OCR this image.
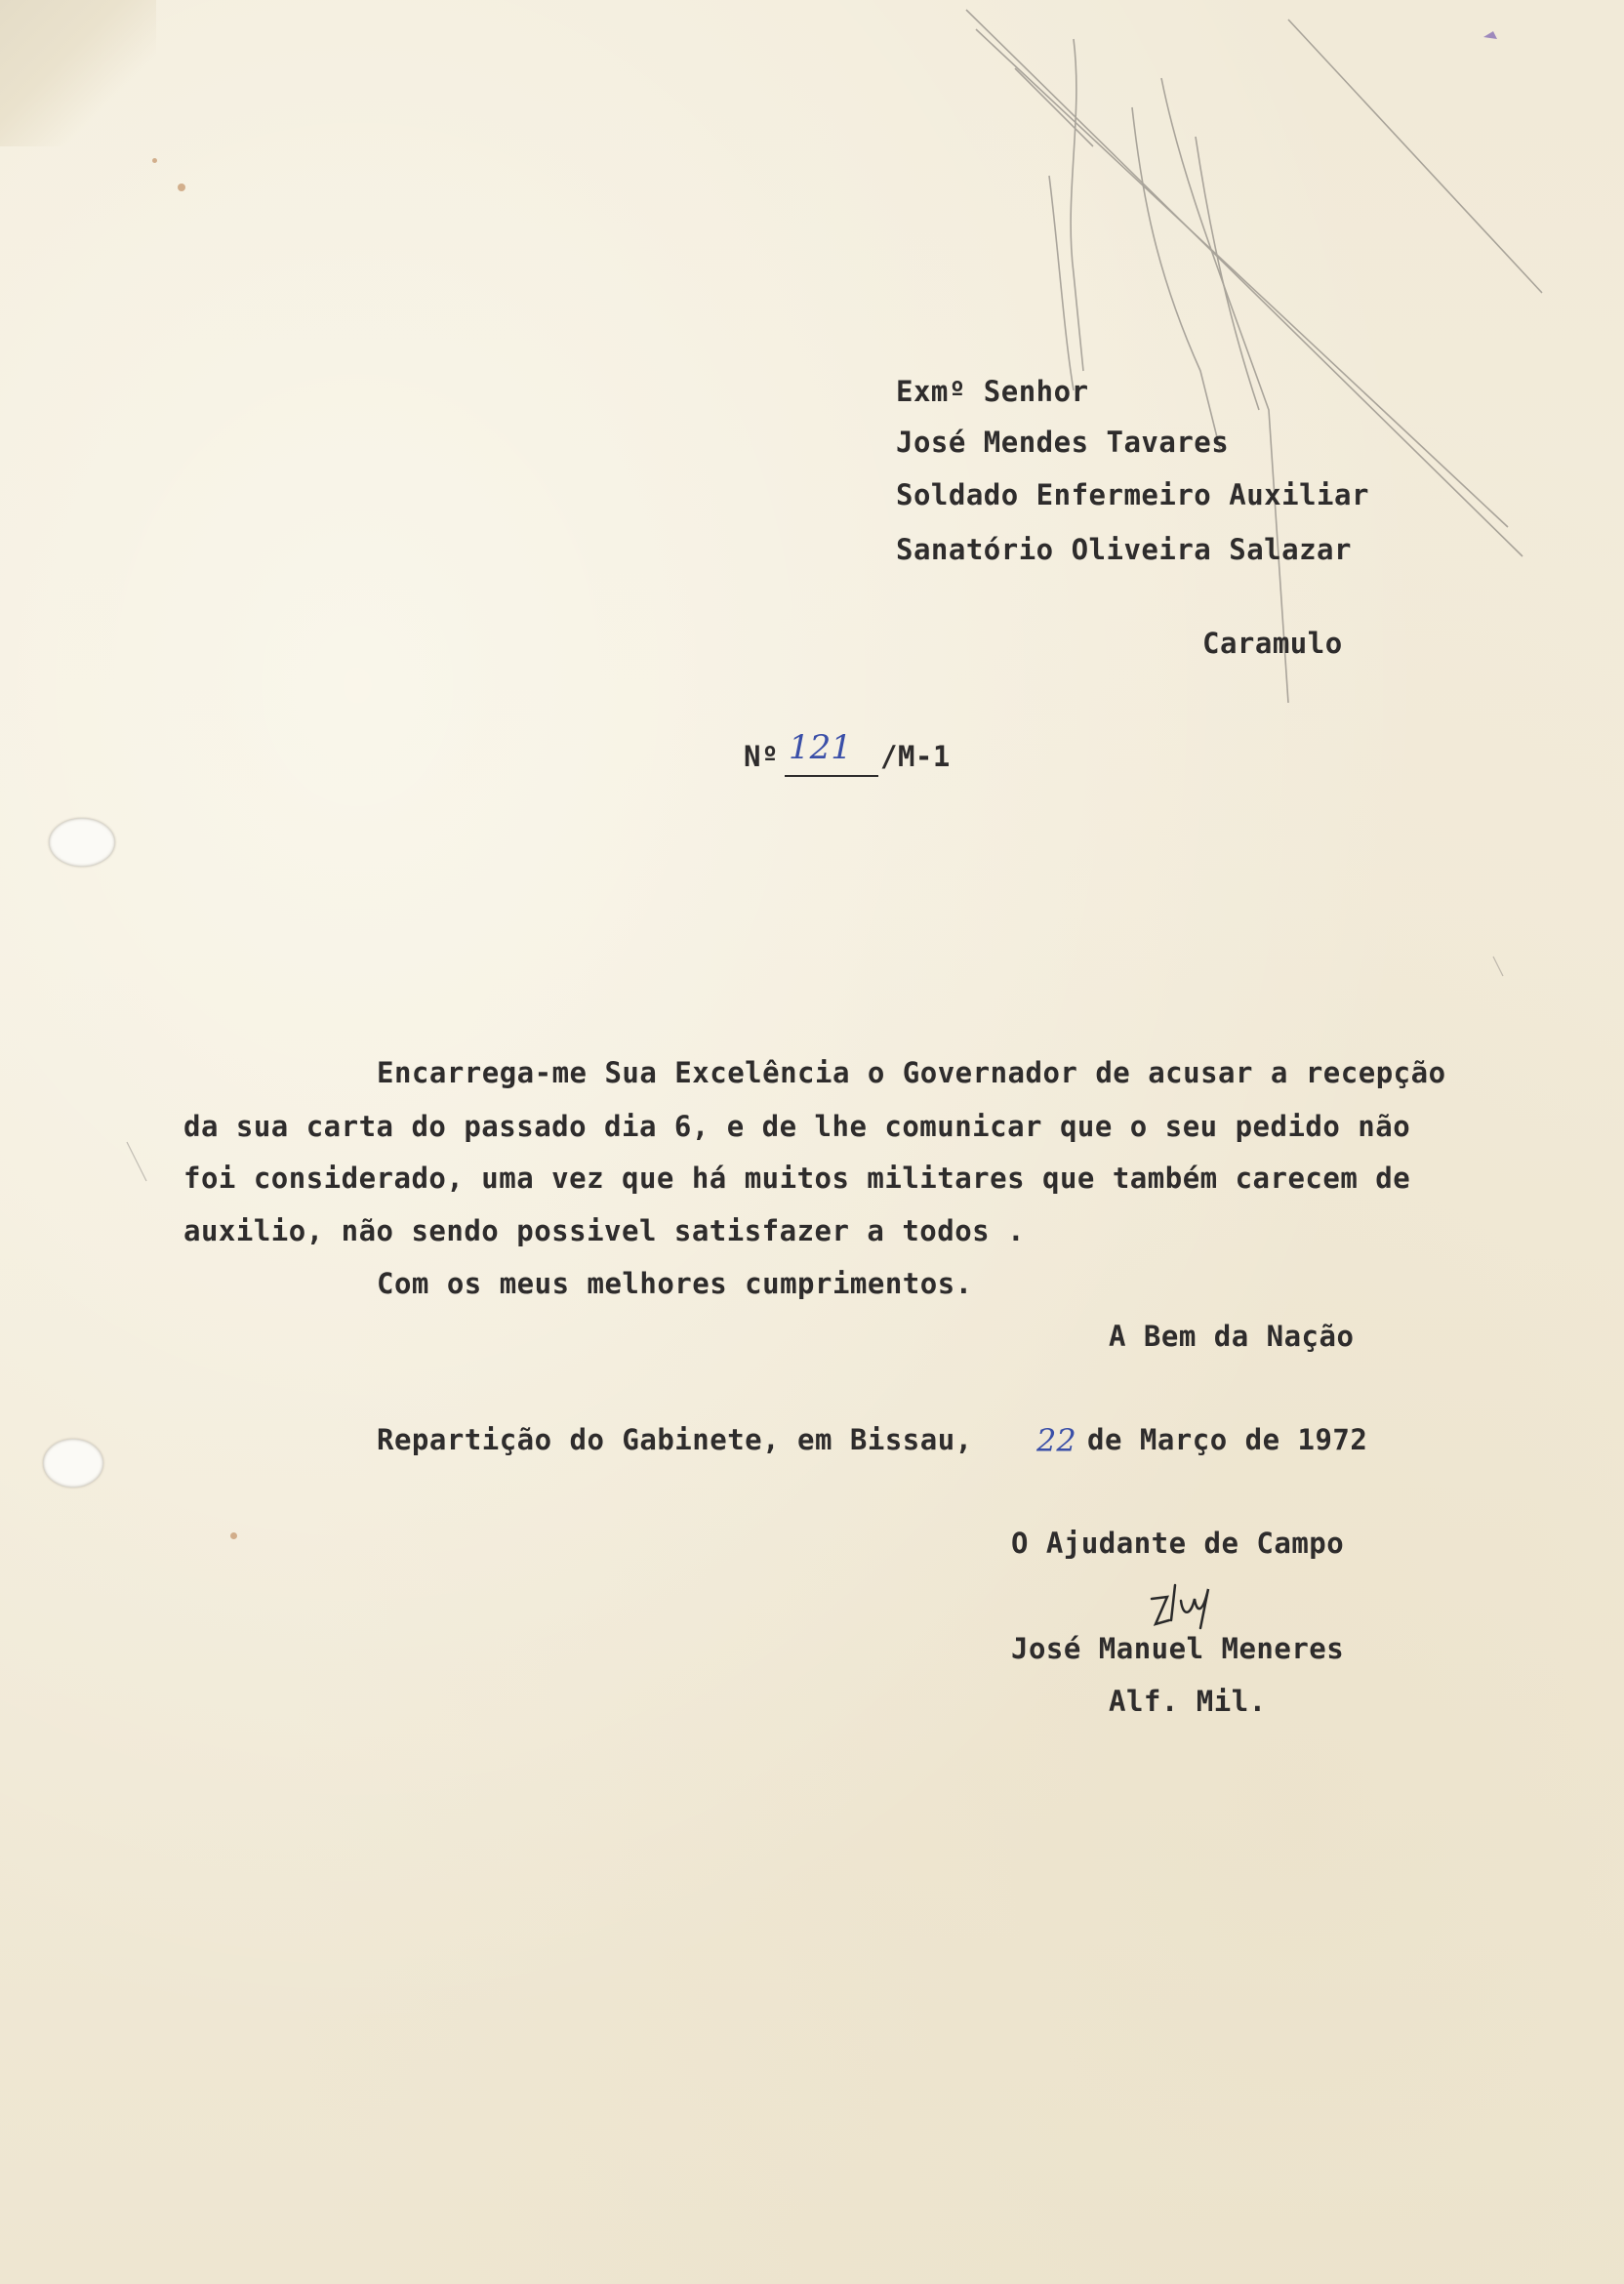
Exmº Senhor
José Mendes Tavares
Soldado Enfermeiro Auxiliar
Sanatório Oliveira Salazar
Caramulo
Nº 121 /M-1
Encarrega-me Sua Excelência o Governador de acusar a recepção
da sua carta do passado dia 6, e de lhe comunicar que o seu pedido não
foi considerado, uma vez que há muitos militares que também carecem de
auxilio, não sendo possivel satisfazer a todos .
Com os meus melhores cumprimentos.
A Bem da Nação
Repartição do Gabinete, em Bissau, 22 de Março de 1972
O Ajudante de Campo
José Manuel Meneres
Alf. Mil.
